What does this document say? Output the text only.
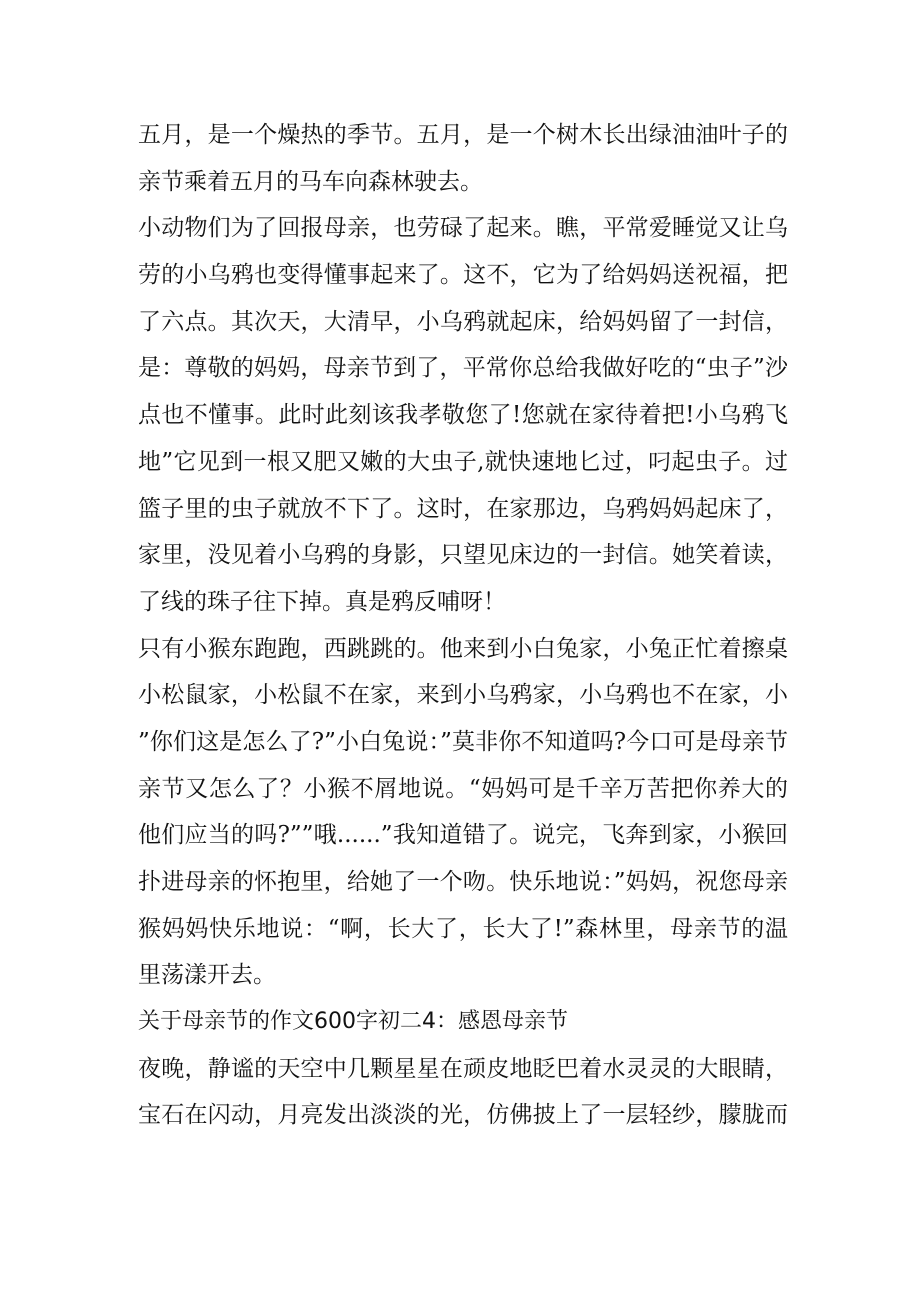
五月，是一个燥热的季节。五月，是一个树木长出绿油油叶子的
亲节乘着五月的马车向森林驶去。
小动物们为了回报母亲，也劳碌了起来。瞧，平常爱睡觉又让乌
劳的小乌鸦也变得懂事起来了。这不，它为了给妈妈送祝福，把
了六点。其次天，大清早，小乌鸦就起床，给妈妈留了一封信，
是：尊敬的妈妈，母亲节到了，平常你总给我做好吃的“虫子”沙
点也不懂事。此时此刻该我孝敬您了!您就在家待着把!小乌鸦飞
地”它见到一根又肥又嫩的大虫子,就快速地匕过，叼起虫子。过
篮子里的虫子就放不下了。这时，在家那边，乌鸦妈妈起床了，
家里，没见着小乌鸦的身影，只望见床边的一封信。她笑着读，
了线的珠子往下掉。真是鸦反哺呀！
只有小猴东跑跑，西跳跳的。他来到小白兔家，小兔正忙着擦桌
小松鼠家，小松鼠不在家，来到小乌鸦家，小乌鸦也不在家，小
”你们这是怎么了?”小白兔说：”莫非你不知道吗?今口可是母亲节
亲节又怎么了？小猴不屑地说。“妈妈可是千辛万苦把你养大的
他们应当的吗?””哦......”我知道错了。说完，飞奔到家，小猴回
扑进母亲的怀抱里，给她了一个吻。快乐地说：”妈妈，祝您母亲
猴妈妈快乐地说：“啊，长大了，长大了!”森林里，母亲节的温
里荡漾开去。
关于母亲节的作文600字初二4：感恩母亲节
夜晚，静谧的天空中几颗星星在顽皮地眨巴着水灵灵的大眼睛，
宝石在闪动，月亮发出淡淡的光，仿佛披上了一层轻纱，朦胧而
